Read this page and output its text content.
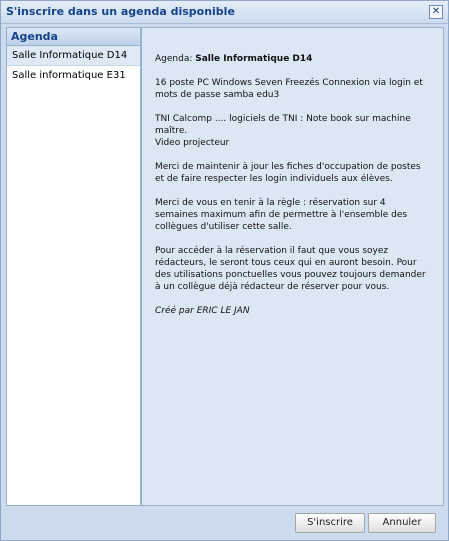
S'inscrire dans un agenda disponible	✕
Agenda
Salle Informatique D14
Salle informatique E31

Agenda: Salle Informatique D14

16 poste PC Windows Seven Freezés Connexion via login et mots de passe samba edu3

TNI Calcomp .... logiciels de TNI : Note book sur machine maître.
Video projecteur

Merci de maintenir à jour les fiches d'occupation de postes et de faire respecter les login individuels aux élèves.

Merci de vous en tenir à la règle : réservation sur 4 semaines maximum afin de permettre à l'ensemble des collègues d'utiliser cette salle.

Pour accéder à la réservation il faut que vous soyez rédacteurs, le seront tous ceux qui en auront besoin. Pour des utilisations ponctuelles vous pouvez toujours demander à un collègue déjà rédacteur de réserver pour vous.

Créé par ERIC LE JAN

S'inscrire	Annuler
